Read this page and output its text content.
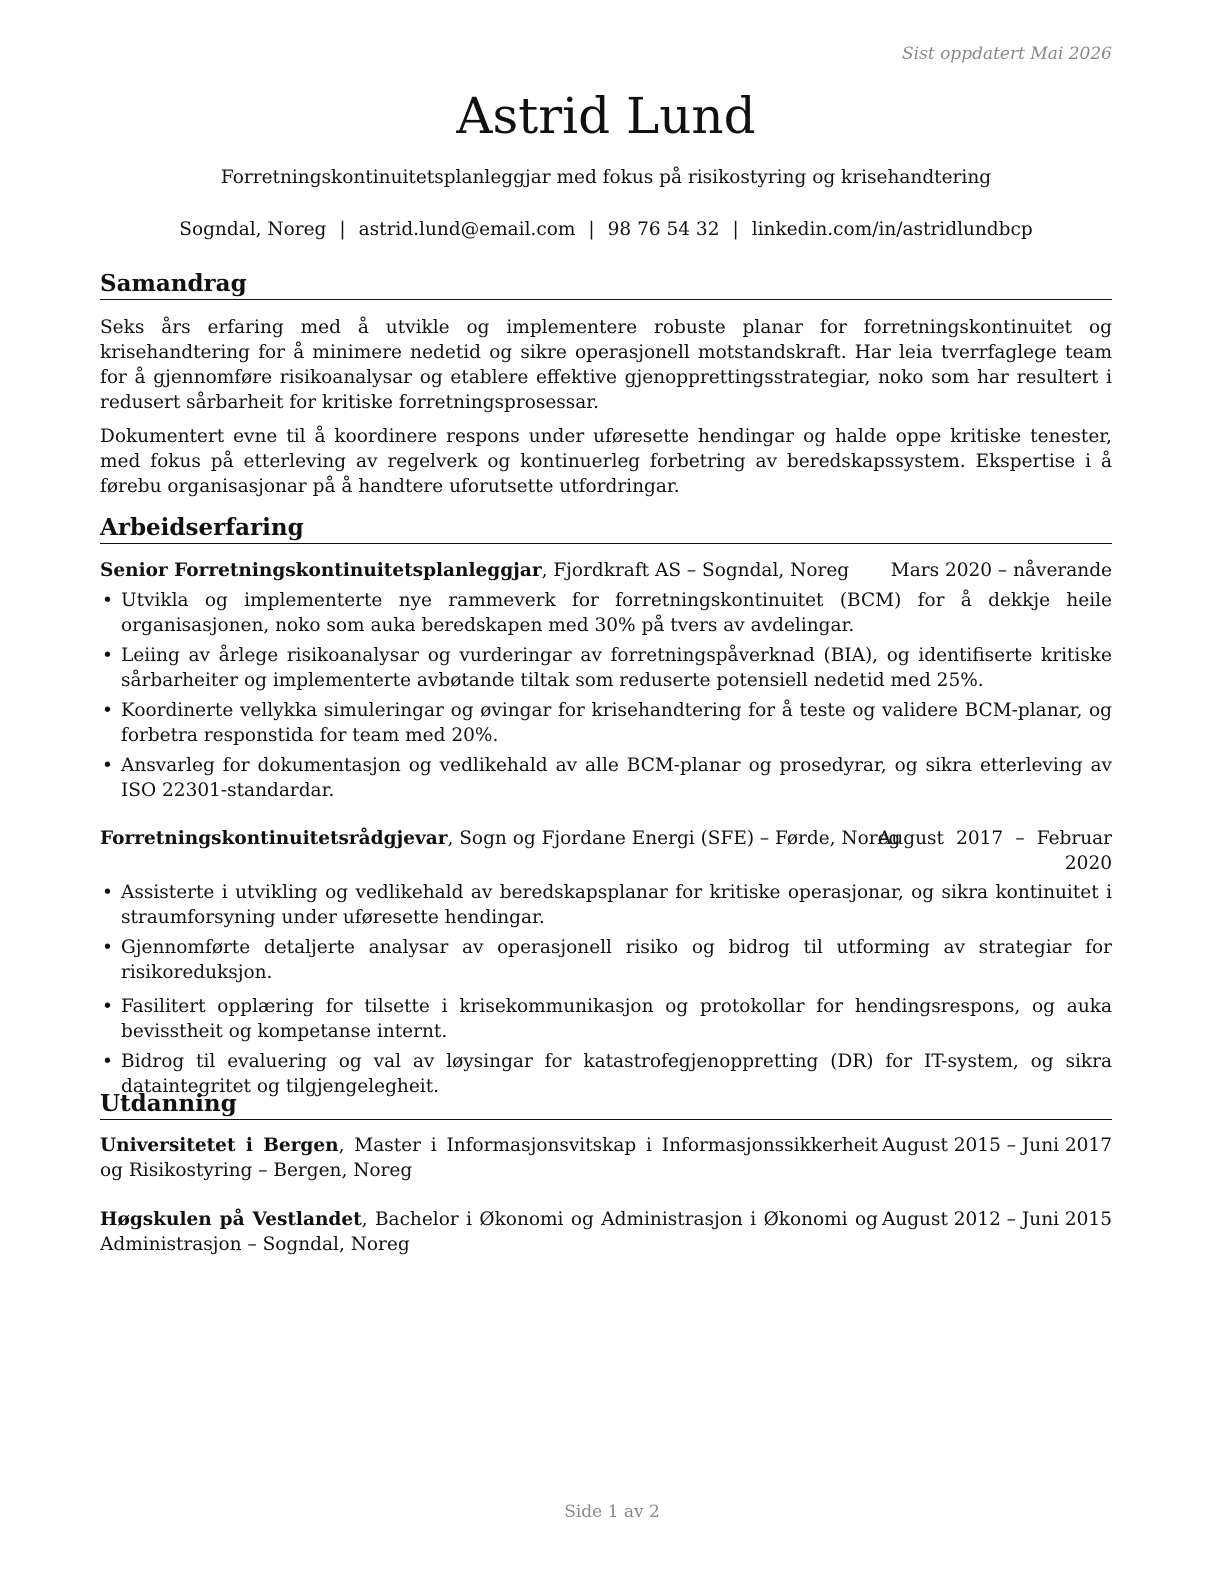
Sist oppdatert Mai 2026
Astrid Lund
Forretningskontinuitetsplanleggjar med fokus på risikostyring og krisehandtering
Sogndal, Noreg | astrid.lund@email.com | 98 76 54 32 | linkedin.com/in/astridlundbcp
Samandrag
Seks års erfaring med å utvikle og implementere robuste planar for forretningskontinuitet og krisehandtering for å minimere nedetid og sikre operasjonell motstandskraft. Har leia tverrfaglege team for å gjennomføre risikoanalysar og etablere effektive gjenopprettingsstrategiar, noko som har resultert i redusert sårbarheit for kritiske forretningsprosessar.
Dokumentert evne til å koordinere respons under uføresette hendingar og halde oppe kritiske tenester, med fokus på etterleving av regelverk og kontinuerleg forbetring av beredskapssystem. Ekspertise i å førebu organisasjonar på å handtere uforutsette utfordringar.
Arbeidserfaring
Senior Forretningskontinuitetsplanleggjar, Fjordkraft AS – Sogndal, Noreg Mars 2020 – nåverande
• Utvikla og implementerte nye rammeverk for forretningskontinuitet (BCM) for å dekkje heile organisasjonen, noko som auka beredskapen med 30% på tvers av avdelingar.
• Leiing av årlege risikoanalysar og vurderingar av forretningspåverknad (BIA), og identifiserte kritiske sårbarheiter og implementerte avbøtande tiltak som reduserte potensiell nedetid med 25%.
• Koordinerte vellykka simuleringar og øvingar for krisehandtering for å teste og validere BCM-planar, og forbetra responstida for team med 20%.
• Ansvarleg for dokumentasjon og vedlikehald av alle BCM-planar og prosedyrar, og sikra etterleving av ISO 22301-standardar.
Forretningskontinuitetsrådgjevar, Sogn og Fjordane Energi (SFE) – Førde, Noreg
August 2017 – Februar
2020
• Assisterte i utvikling og vedlikehald av beredskapsplanar for kritiske operasjonar, og sikra kontinuitet i straumforsyning under uføresette hendingar.
• Gjennomførte detaljerte analysar av operasjonell risiko og bidrog til utforming av strategiar for risikoreduksjon.
• Fasilitert opplæring for tilsette i krisekommunikasjon og protokollar for hendingsrespons, og auka bevisstheit og kompetanse internt.
• Bidrog til evaluering og val av løysingar for katastrofegjenoppretting (DR) for IT-system, og sikra dataintegritet og tilgjengelegheit.
Utdanning
Universitetet i Bergen, Master i Informasjonsvitskap i Informasjonssikkerheit og Risikostyring – Bergen, Noreg
August 2015 – Juni 2017
Høgskulen på Vestlandet, Bachelor i Økonomi og Administrasjon i Økonomi og Administrasjon – Sogndal, Noreg
August 2012 – Juni 2015
Side 1 av 2
